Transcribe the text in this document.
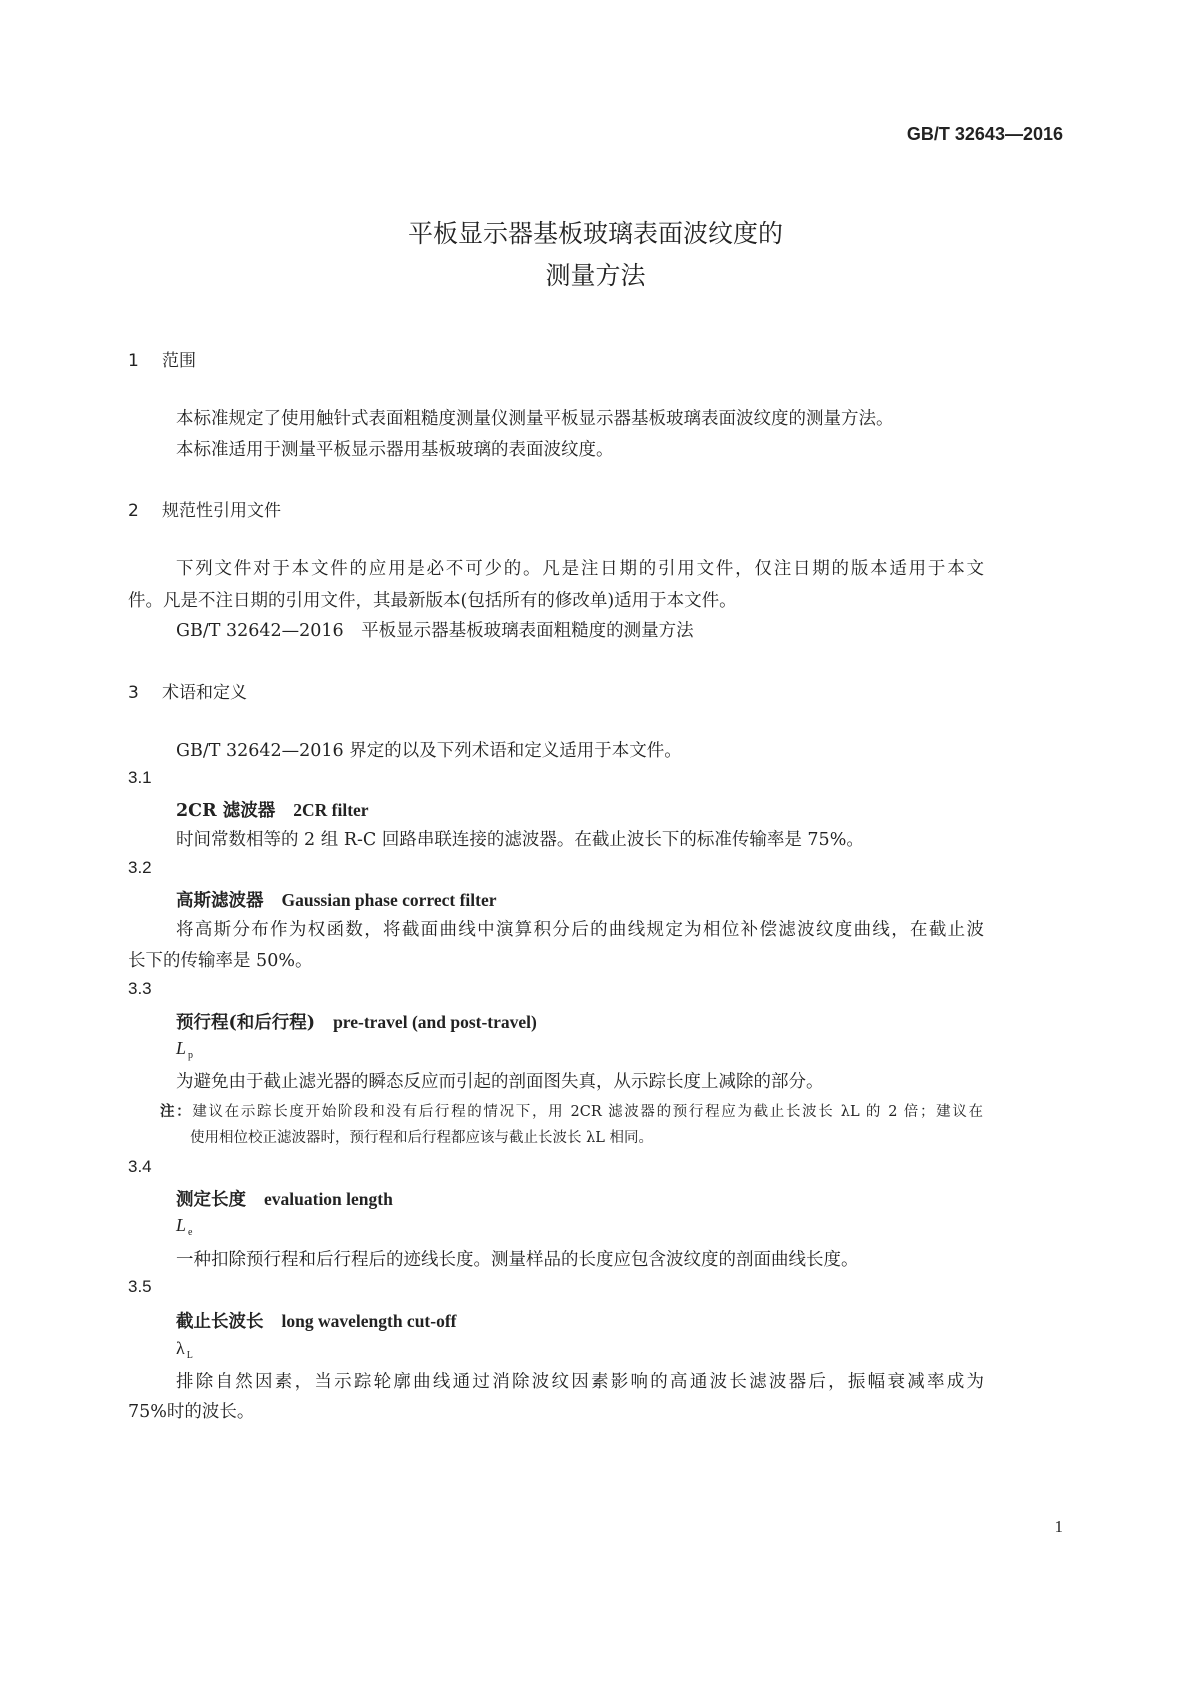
GB/T 32643—2016
平板显示器基板玻璃表面波纹度的
测量方法
1 范围
本标准规定了使用触针式表面粗糙度测量仪测量平板显示器基板玻璃表面波纹度的测量方法。
本标准适用于测量平板显示器用基板玻璃的表面波纹度。
2 规范性引用文件
下列文件对于本文件的应用是必不可少的。凡是注日期的引用文件，仅注日期的版本适用于本文
件。凡是不注日期的引用文件，其最新版本(包括所有的修改单)适用于本文件。
GB/T 32642—2016　平板显示器基板玻璃表面粗糙度的测量方法
3 术语和定义
GB/T 32642—2016 界定的以及下列术语和定义适用于本文件。
3.1
2CR 滤波器 2CR filter
时间常数相等的 2 组 R-C 回路串联连接的滤波器。在截止波长下的标准传输率是 75%。
3.2
高斯滤波器 Gaussian phase correct filter
将高斯分布作为权函数，将截面曲线中演算积分后的曲线规定为相位补偿滤波纹度曲线，在截止波
长下的传输率是 50%。
3.3
预行程(和后行程) pre-travel (and post-travel)
L $_p$
为避免由于截止滤光器的瞬态反应而引起的剖面图失真，从示踪长度上减除的部分。
注：建议在示踪长度开始阶段和没有后行程的情况下，用 2CR 滤波器的预行程应为截止长波长 λL 的 2 倍；建议在
使用相位校正滤波器时，预行程和后行程都应该与截止长波长 λL 相同。
3.4
测定长度 evaluation length
L $_e$
一种扣除预行程和后行程后的迹线长度。测量样品的长度应包含波纹度的剖面曲线长度。
3.5
截止长波长 long wavelength cut-off
λ $_L$
排除自然因素，当示踪轮廓曲线通过消除波纹因素影响的高通波长滤波器后，振幅衰减率成为
75%时的波长。
1
